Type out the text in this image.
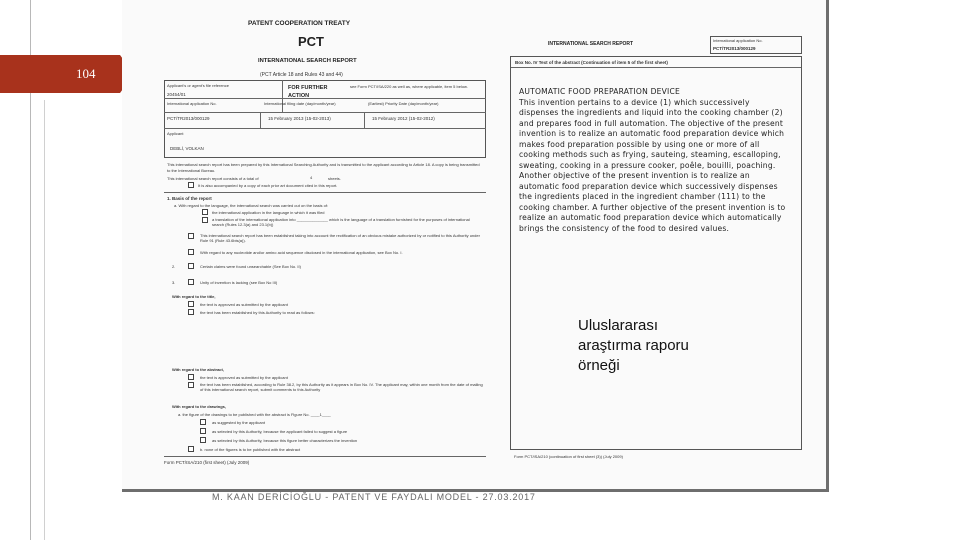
104
PATENT COOPERATION TREATY
PCT
INTERNATIONAL SEARCH REPORT
(PCT Article 18 and Rules 43 and 44)
Applicant's or agent's file reference
20454/01
FOR FURTHER ACTION
see Form PCT/ISA/220 as well as, where applicable, item 5 below.
International application No.	International filing date (day/month/year)	(Earliest) Priority Date (day/month/year)
PCT/TR2013/000129	15 February 2013 (15-02-2013)	15 February 2012 (15-02-2012)
Applicant
DEBLİ, VOLKAN
This international search report has been prepared by this International Searching Authority and is transmitted to the applicant according to Article 18. A copy is being transmitted to the International Bureau.
This international search report consists of a total of	4	sheets.
It is also accompanied by a copy of each prior art document cited in this report.
1. Basis of the report
a. With regard to the language, the international search was carried out on the basis of:
the international application in the language in which it was filed
a translation of the international application into ______________ which is the language of a translation furnished for the purposes of international search (Rules 12.3(a) and 23.1(b))
This international search report has been established taking into account the rectification of an obvious mistake authorized by or notified to this Authority under Rule 91 (Rule 43.6bis(a)).
With regard to any nucleotide and/or amino acid sequence disclosed in the international application, see Box No. I.
2.	Certain claims were found unsearchable (See Box No. II)
3.	Unity of invention is lacking (see Box No III)
With regard to the title,
the text is approved as submitted by the applicant
the text has been established by this Authority to read as follows:
With regard to the abstract,
the text is approved as submitted by the applicant
the text has been established, according to Rule 38.2, by this Authority as it appears in Box No. IV. The applicant may, within one month from the date of mailing of this international search report, submit comments to this Authority
With regard to the drawings,
a. the figure of the drawings to be published with the abstract is Figure No. ____1____
as suggested by the applicant
as selected by this Authority, because the applicant failed to suggest a figure
as selected by this Authority, because this figure better characterizes the invention
b. none of the figures is to be published with the abstract
Form PCT/ISA/210 (first sheet) (July 2009)
INTERNATIONAL SEARCH REPORT
International application No.
PCT/TR2013/000129
Box No. IV Text of the abstract (Continuation of item 5 of the first sheet)
AUTOMATIC FOOD PREPARATION DEVICE
This invention pertains to a device (1) which successively dispenses the ingredients and liquid into the cooking chamber (2) and prepares food in full automation. The objective of the present invention is to realize an automatic food preparation device which makes food preparation possible by using one or more of all cooking methods such as frying, sauteing, steaming, escalloping, sweating, cooking in a pressure cooker, poêle, bouilli, poaching. Another objective of the present invention is to realize an automatic food preparation device which successively dispenses the ingredients placed in the ingredient chamber (111) to the cooking chamber. A further objective of the present invention is to realize an automatic food preparation device which automatically brings the consistency of the food to desired values.
Form PCT/ISA/210 (continuation of first sheet (3)) (July 2009)
Uluslararası
araştırma raporu
örneği
M. KAAN DERİCİOĞLU - PATENT VE FAYDALI MODEL - 27.03.2017
